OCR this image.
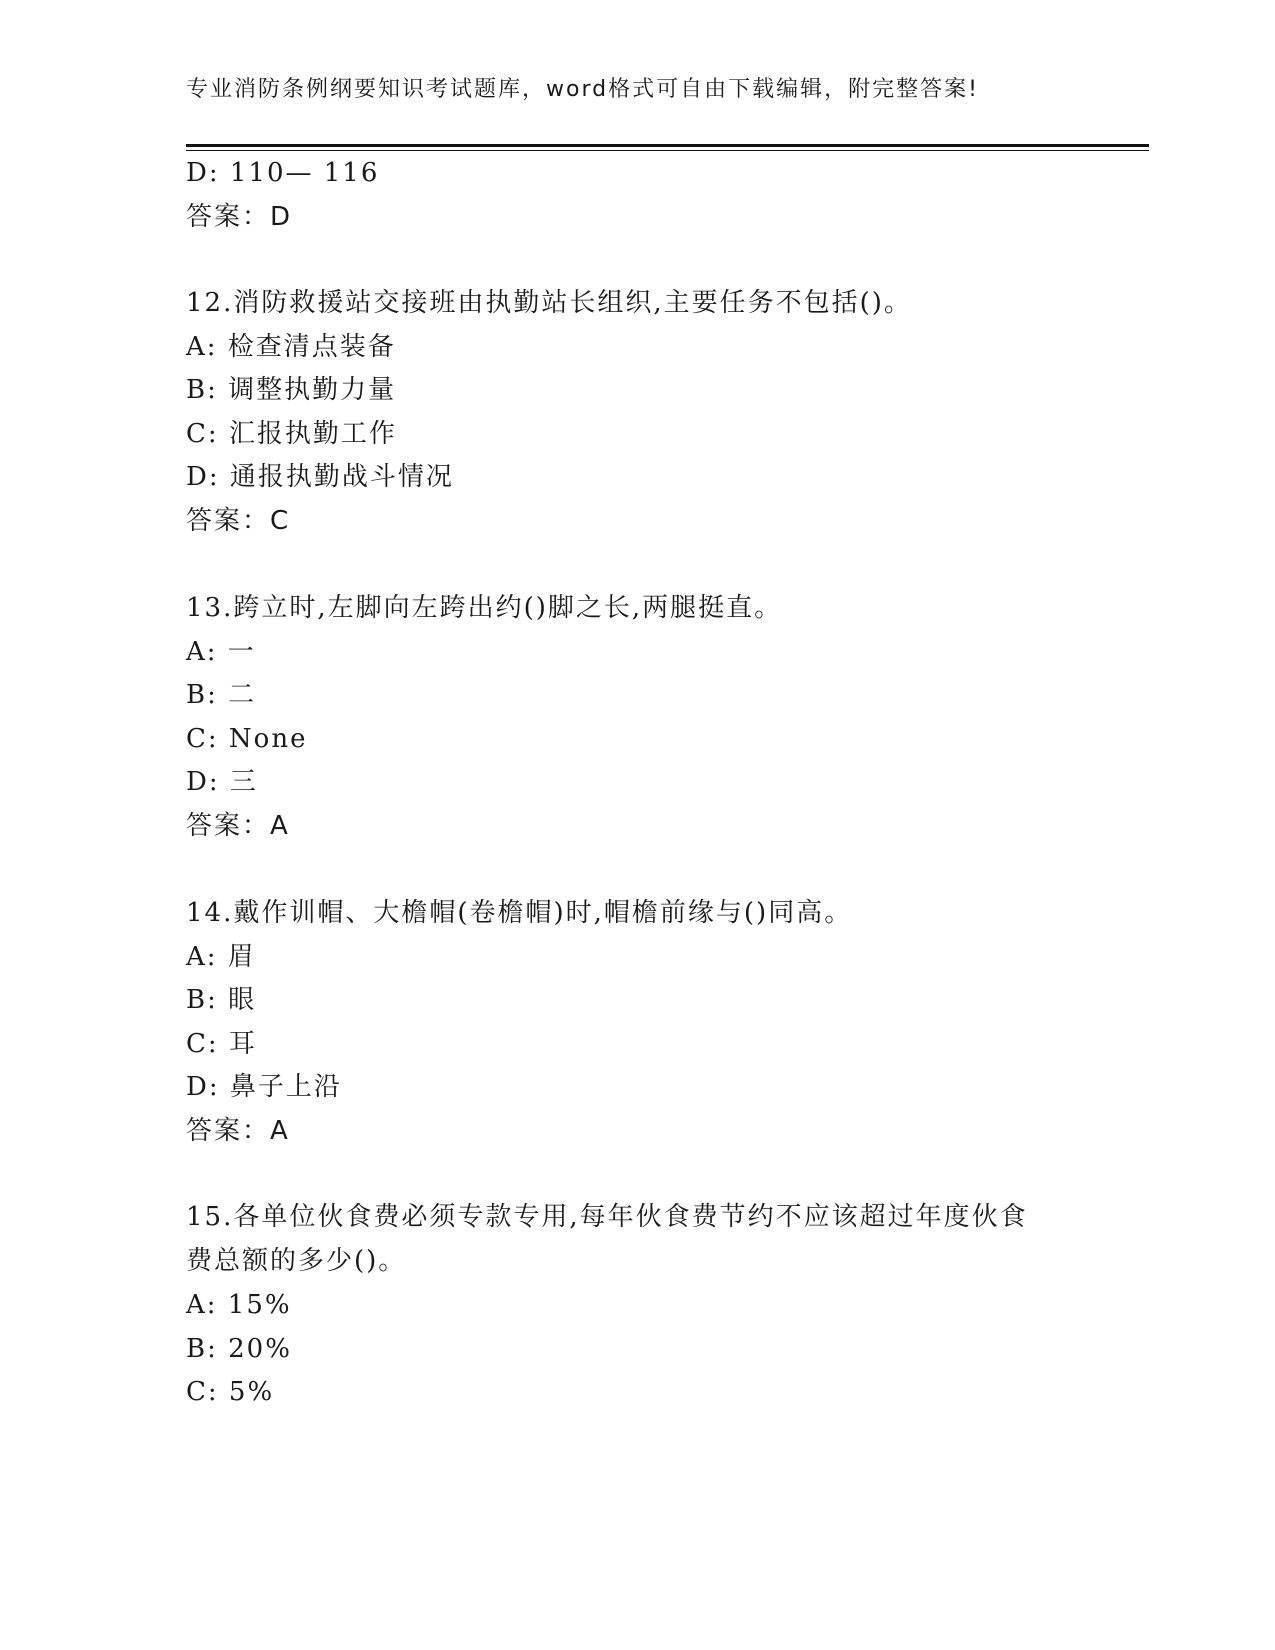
专业消防条例纲要知识考试题库，word格式可自由下载编辑，附完整答案!
D: 110— 116
答案：D
12.消防救援站交接班由执勤站长组织,主要任务不包括()。
A: 检查清点装备
B: 调整执勤力量
C: 汇报执勤工作
D: 通报执勤战斗情况
答案：C
13.跨立时,左脚向左跨出约()脚之长,两腿挺直。
A: 一
B: 二
C: None
D: 三
答案：A
14.戴作训帽、大檐帽(卷檐帽)时,帽檐前缘与()同高。
A: 眉
B: 眼
C: 耳
D: 鼻子上沿
答案：A
15.各单位伙食费必须专款专用,每年伙食费节约不应该超过年度伙食
费总额的多少()。
A: 15%
B: 20%
C: 5%
